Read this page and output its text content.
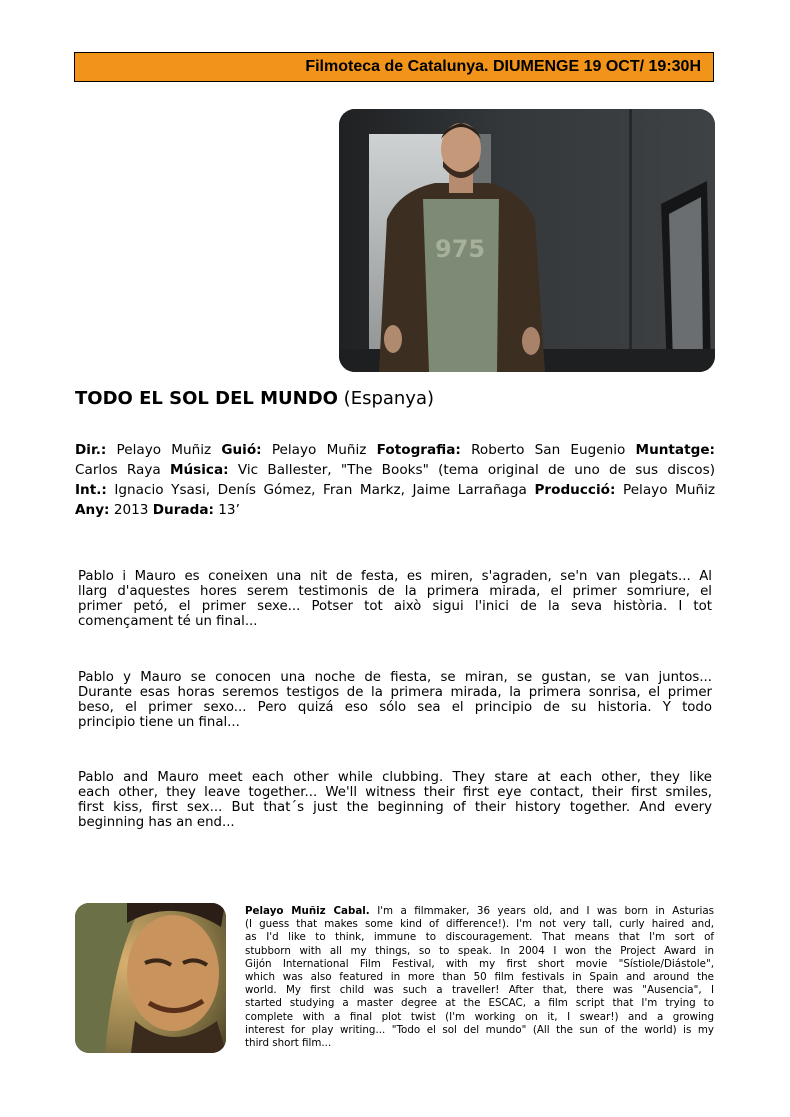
Filmoteca de Catalunya. DIUMENGE 19 OCT/ 19:30H
975
TODO EL SOL DEL MUNDO (Espanya)
Dir.: Pelayo Muñiz Guió: Pelayo Muñiz Fotografia: Roberto San Eugenio Muntatge:
Carlos Raya Música: Vic Ballester, "The Books" (tema original de uno de sus discos)
Int.: Ignacio Ysasi, Denís Gómez, Fran Markz, Jaime Larrañaga Producció: Pelayo Muñiz
Any: 2013 Durada: 13’
Pablo i Mauro es coneixen una nit de festa, es miren, s'agraden, se'n van plegats... Al
llarg d'aquestes hores serem testimonis de la primera mirada, el primer somriure, el
primer petó, el primer sexe... Potser tot això sigui l'inici de la seva història. I tot
començament té un final...
Pablo y Mauro se conocen una noche de fiesta, se miran, se gustan, se van juntos...
Durante esas horas seremos testigos de la primera mirada, la primera sonrisa, el primer
beso, el primer sexo... Pero quizá eso sólo sea el principio de su historia. Y todo
principio tiene un final...
Pablo and Mauro meet each other while clubbing. They stare at each other, they like
each other, they leave together... We'll witness their first eye contact, their first smiles,
first kiss, first sex... But that´s just the beginning of their history together. And every
beginning has an end...
Pelayo Muñiz Cabal. I'm a filmmaker, 36 years old, and I was born in Asturias
(I guess that makes some kind of difference!). I'm not very tall, curly haired and,
as I'd like to think, immune to discouragement. That means that I'm sort of
stubborn with all my things, so to speak. In 2004 I won the Project Award in
Gijón International Film Festival, with my first short movie "Sístiole/Diástole",
which was also featured in more than 50 film festivals in Spain and around the
world. My first child was such a traveller! After that, there was "Ausencia", I
started studying a master degree at the ESCAC, a film script that I'm trying to
complete with a final plot twist (I'm working on it, I swear!) and a growing
interest for play writing... "Todo el sol del mundo" (All the sun of the world) is my
third short film...
